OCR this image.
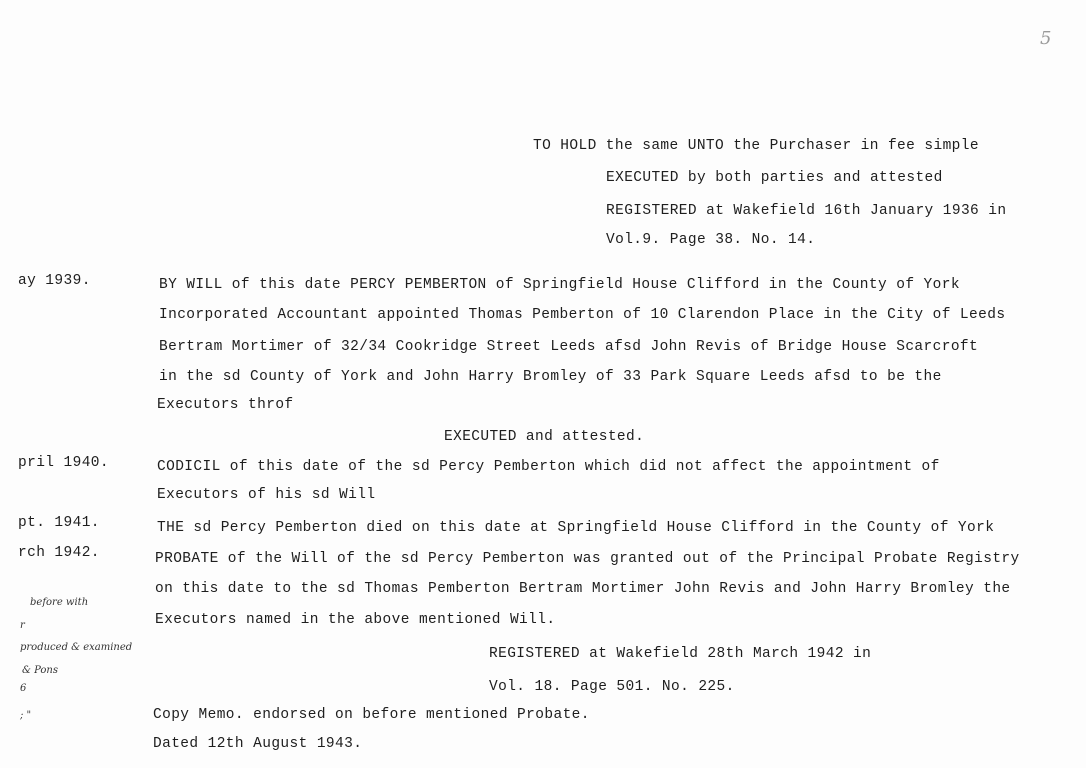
5
TO HOLD the same UNTO the Purchaser in fee simple
EXECUTED by both parties and attested
REGISTERED at Wakefield 16th January 1936 in
Vol.9. Page 38. No. 14.
ay 1939.	BY WILL of this date PERCY PEMBERTON of Springfield House Clifford in the County of York
Incorporated Accountant appointed Thomas Pemberton of 10 Clarendon Place in the City of Leeds
Bertram Mortimer of 32/34 Cookridge Street Leeds afsd John Revis of Bridge House Scarcroft
in the sd County of York and John Harry Bromley of 33 Park Square Leeds afsd to be the
Executors throf
EXECUTED and attested.
pril 1940.	CODICIL of this date of the sd Percy Pemberton which did not affect the appointment of
Executors of his sd Will
pt. 1941.	THE sd Percy Pemberton died on this date at Springfield House Clifford in the County of York
rch 1942.	PROBATE of the Will of the sd Percy Pemberton was granted out of the Principal Probate Registry
on this date to the sd Thomas Pemberton Bertram Mortimer John Revis and John Harry Bromley the
Executors named in the above mentioned Will.
REGISTERED at Wakefield 28th March 1942 in
Vol. 18. Page 501. No. 225.
Copy Memo. endorsed on before mentioned Probate.
Dated 12th August 1943.
before with
r
produced & examined
& Pons
6
; "
